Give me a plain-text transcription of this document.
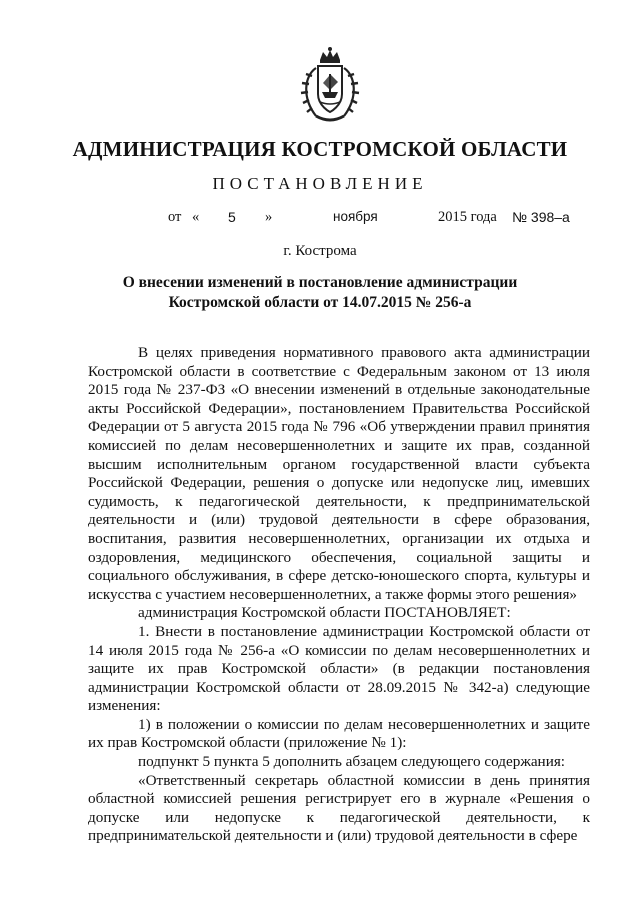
АДМИНИСТРАЦИЯ КОСТРОМСКОЙ ОБЛАСТИ
ПОСТАНОВЛЕНИЕ
от « 5 »	ноября	2015 года № 398–а
г. Кострома
О внесении изменений в постановление администрации
Костромской области от 14.07.2015 № 256-а

В целях приведения нормативного правового акта администрации Костромской области в соответствие с Федеральным законом от 13 июля 2015 года № 237-ФЗ «О внесении изменений в отдельные законодательные акты Российской Федерации», постановлением Правительства Российской Федерации от 5 августа 2015 года № 796 «Об утверждении правил принятия комиссией по делам несовершеннолетних и защите их прав, созданной высшим исполнительным органом государственной власти субъекта Российской Федерации, решения о допуске или недопуске лиц, имевших судимость, к педагогической деятельности, к предпринимательской деятельности и (или) трудовой деятельности в сфере образования, воспитания, развития несовершеннолетних, организации их отдыха и оздоровления, медицинского обеспечения, социальной защиты и социального обслуживания, в сфере детско-юношеского спорта, культуры и искусства с участием несовершеннолетних, а также формы этого решения»

администрация Костромской области ПОСТАНОВЛЯЕТ:

1. Внести в постановление администрации Костромской области от 14 июля 2015 года № 256-а «О комиссии по делам несовершеннолетних и защите их прав Костромской области» (в редакции постановления администрации Костромской области от 28.09.2015 № 342-а) следующие изменения:

1) в положении о комиссии по делам несовершеннолетних и защите их прав Костромской области (приложение № 1):

подпункт 5 пункта 5 дополнить абзацем следующего содержания:

«Ответственный секретарь областной комиссии в день принятия областной комиссией решения регистрирует его в журнале «Решения о допуске или недопуске к педагогической деятельности, к предпринимательской деятельности и (или) трудовой деятельности в сфере
